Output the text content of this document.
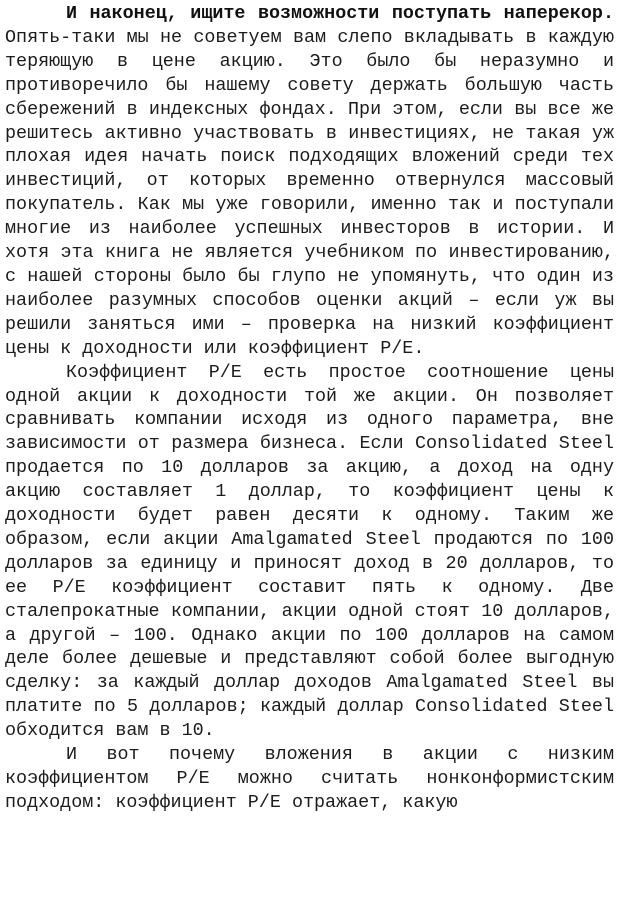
И наконец, ищите возможности поступать наперекор. Опять-таки мы не советуем вам слепо вкладывать в каждую теряющую в цене акцию. Это было бы неразумно и противоречило бы нашему совету держать большую часть сбережений в индексных фондах. При этом, если вы все же решитесь активно участвовать в инвестициях, не такая уж плохая идея начать поиск подходящих вложений среди тех инвестиций, от которых временно отвернулся массовый покупатель. Как мы уже говорили, именно так и поступали многие из наиболее успешных инвесторов в истории. И хотя эта книга не является учебником по инвестированию, с нашей стороны было бы глупо не упомянуть, что один из наиболее разумных способов оценки акций – если уж вы решили заняться ими – проверка на низкий коэффициент цены к доходности или коэффициент P/E.

Коэффициент P/E есть простое соотношение цены одной акции к доходности той же акции. Он позволяет сравнивать компании исходя из одного параметра, вне зависимости от размера бизнеса. Если Consolidated Steel продается по 10 долларов за акцию, а доход на одну акцию составляет 1 доллар, то коэффициент цены к доходности будет равен десяти к одному. Таким же образом, если акции Amalgamated Steel продаются по 100 долларов за единицу и приносят доход в 20 долларов, то ее P/E коэффициент составит пять к одному. Две сталепрокатные компании, акции одной стоят 10 долларов, а другой – 100. Однако акции по 100 долларов на самом деле более дешевые и представляют собой более выгодную сделку: за каждый доллар доходов Amalgamated Steel вы платите по 5 долларов; каждый доллар Consolidated Steel обходится вам в 10.

И вот почему вложения в акции с низким коэффициентом P/E можно считать нонконформистским подходом: коэффициент P/E отражает, какую
